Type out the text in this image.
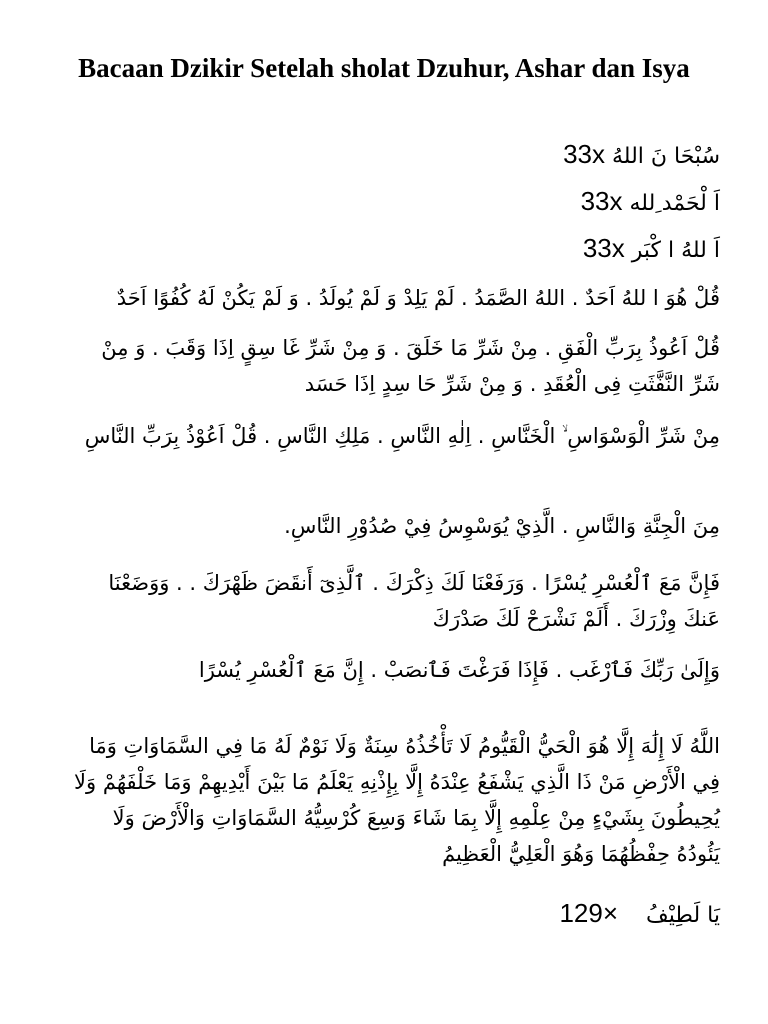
Bacaan Dzikir Setelah sholat Dzuhur, Ashar dan Isya

سُبْحَا نَ اللهُ 33x

اَ لْحَمْد ِلله 33x

اَ للهُ ا كْبَر 33x

قُلْ هُوَ ا للهُ اَحَدٌ . اللهُ الصَّمَدُ . لَمْ يَلِدْ وَ لَمْ يُولَدُ . وَ لَمْ يَكُنْ لَهُ كُفُوًا اَحَدٌ

قُلْ اَعُوذُ بِرَبِّ الْفَقِ . مِنْ شَرِّ مَا خَلَقَ . وَ مِنْ شَرِّ غَا سِقٍ اِذَا وَقَبَ . وَ مِنْ شَرِّ النَّفَّثَتِ فِى الْعُقَدِ . وَ مِنْ شَرِّ حَا سِدٍ اِذَا حَسَد

مِنْ شَرِّ الْوَسْوَاسِ ۙ الْخَنَّاسِ . اِلٰهِ النَّاسِ . مَلِكِ النَّاسِ . قُلْ اَعُوْذُ بِرَبِّ النَّاسِ

مِنَ الْجِنَّةِ وَالنَّاسِ . الَّذِيْ يُوَسْوِسُ فِيْ صُدُوْرِ النَّاسِ.

فَإِنَّ مَعَ ٱلْعُسْرِ يُسْرًا . وَرَفَعْنَا لَكَ ذِكْرَكَ . ٱلَّذِىٓ أَنقَضَ ظَهْرَكَ . . وَوَضَعْنَا عَنكَ وِزْرَكَ . أَلَمْ نَشْرَحْ لَكَ صَدْرَكَ

وَإِلَىٰ رَبِّكَ فَٱرْغَب . فَإِذَا فَرَغْتَ فَٱنصَبْ . إِنَّ مَعَ ٱلْعُسْرِ يُسْرًا

اللَّهُ لَا إِلَٰهَ إِلَّا هُوَ الْحَيُّ الْقَيُّومُ لَا تَأْخُذُهُ سِنَةٌ وَلَا نَوْمٌ لَهُ مَا فِي السَّمَاوَاتِ وَمَا فِي الْأَرْضِ مَنْ ذَا الَّذِي يَشْفَعُ عِنْدَهُ إِلَّا بِإِذْنِهِ يَعْلَمُ مَا بَيْنَ أَيْدِيهِمْ وَمَا خَلْفَهُمْ وَلَا يُحِيطُونَ بِشَيْءٍ مِنْ عِلْمِهِ إِلَّا بِمَا شَاءَ وَسِعَ كُرْسِيُّهُ السَّمَاوَاتِ وَالْأَرْضَ وَلَا يَئُودُهُ حِفْظُهُمَا وَهُوَ الْعَلِيُّ الْعَظِيمُ

يَا لَطِيْفُ    129×
